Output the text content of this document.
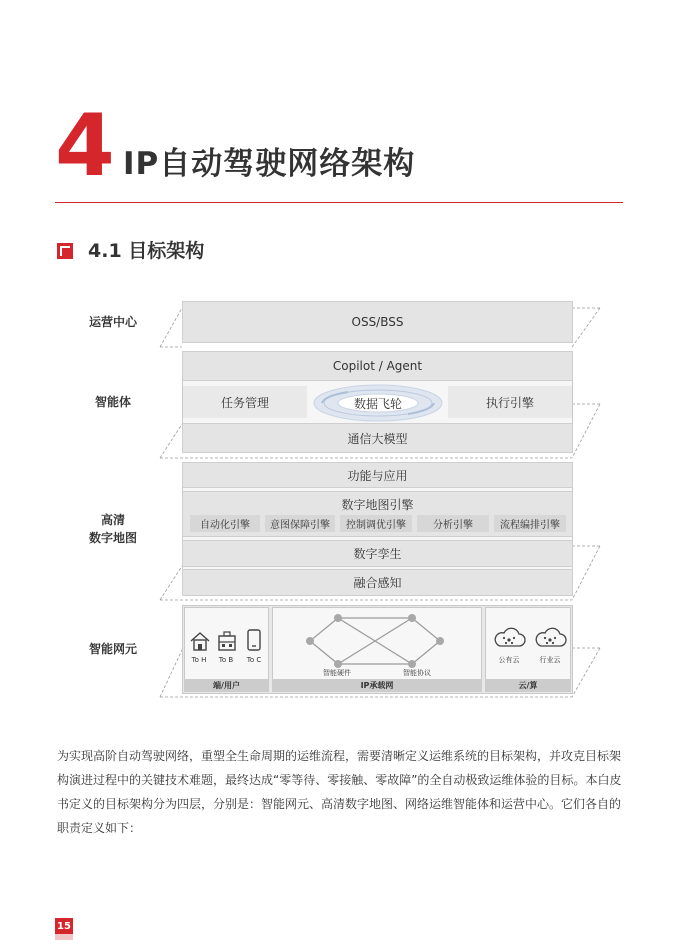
4 IP自动驾驶网络架构
4.1 目标架构
运营中心
智能体
高清
数字地图
智能网元
OSS/BSS
Copilot / Agent
任务管理	执行引擎
数据飞轮
通信大模型
功能与应用
数字地图引擎
自动化引擎	意图保障引擎	控制调优引擎	分析引擎	流程编排引擎
数字孪生
融合感知
To H	To B	To C
智能硬件	智能协议
公有云	行业云
端/用户	IP承载网	云/算

为实现高阶自动驾驶网络，重塑全生命周期的运维流程，需要清晰定义运维系统的目标架构，并攻克目标架构演进过程中的关键技术难题，最终达成“零等待、零接触、零故障”的全自动极致运维体验的目标。本白皮书定义的目标架构分为四层，分别是：智能网元、高清数字地图、网络运维智能体和运营中心。它们各自的职责定义如下：

15
